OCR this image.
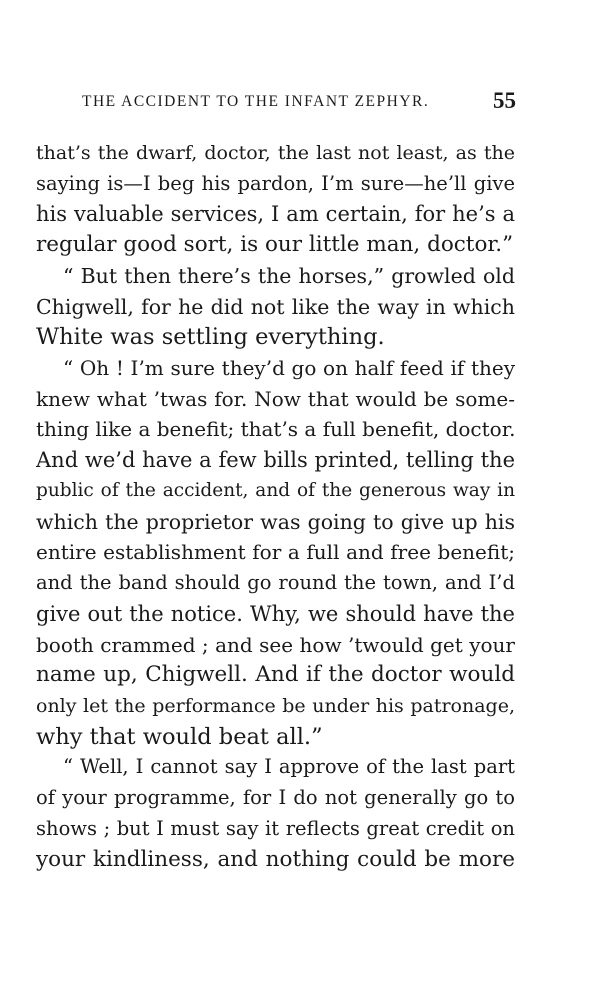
THE ACCIDENT TO THE INFANT ZEPHYR.	55
that’s the dwarf, doctor, the last not least, as the
saying is—I beg his pardon, I’m sure—he’ll give
his valuable services, I am certain, for he’s a
regular good sort, is our little man, doctor.”
“ But then there’s the horses,” growled old
Chigwell, for he did not like the way in which
White was settling everything.
“ Oh ! I’m sure they’d go on half feed if they
knew what ’twas for. Now that would be some-
thing like a benefit; that’s a full benefit, doctor.
And we’d have a few bills printed, telling the
public of the accident, and of the generous way in
which the proprietor was going to give up his
entire establishment for a full and free benefit;
and the band should go round the town, and I’d
give out the notice. Why, we should have the
booth crammed ; and see how ’twould get your
name up, Chigwell. And if the doctor would
only let the performance be under his patronage,
why that would beat all.”
“ Well, I cannot say I approve of the last part
of your programme, for I do not generally go to
shows ; but I must say it reflects great credit on
your kindliness, and nothing could be more
